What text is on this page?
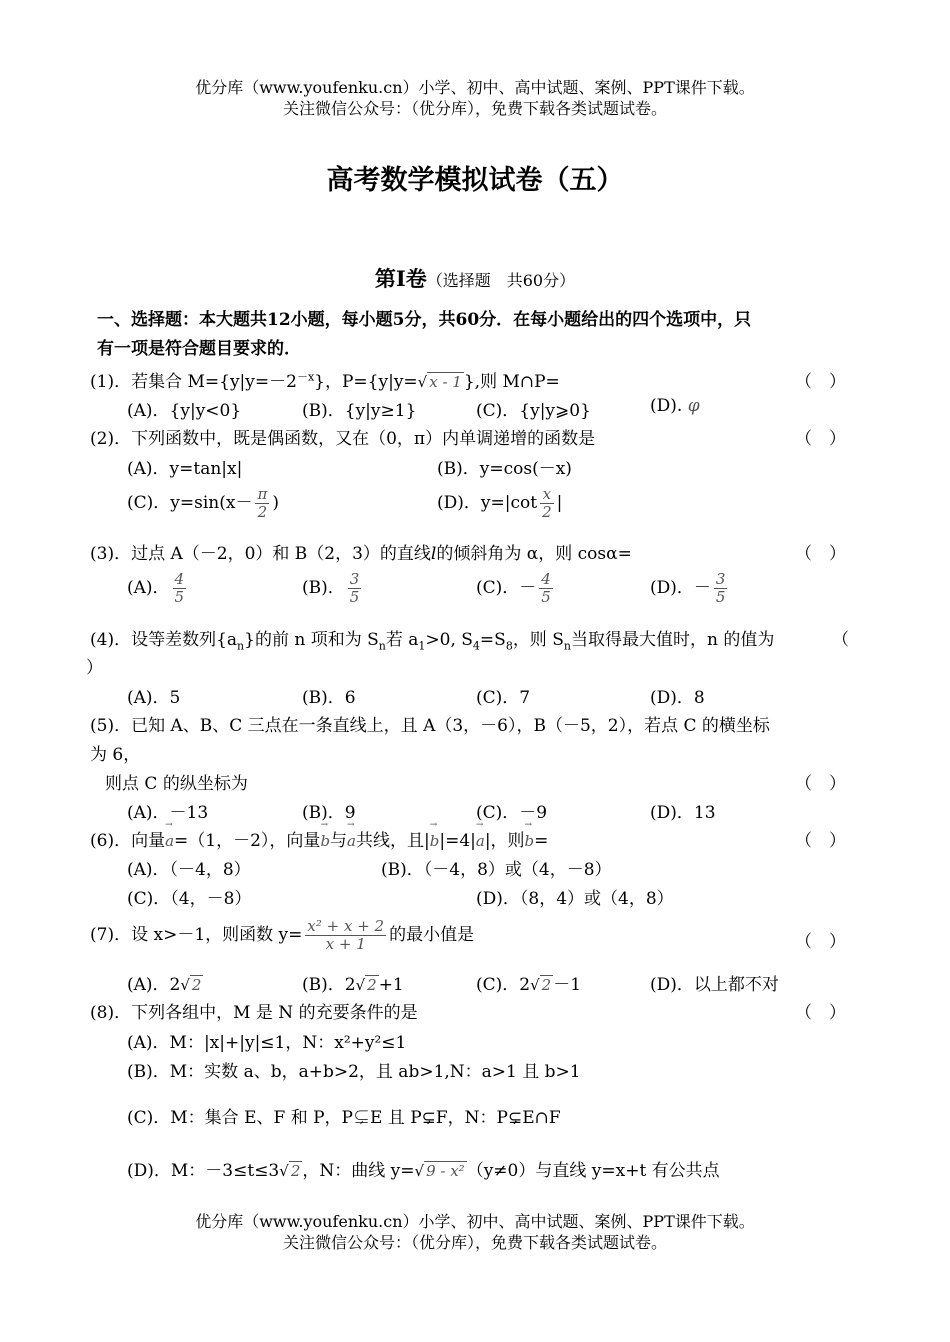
优分库（www.youfenku.cn）小学、初中、高中试题、案例、PPT课件下载。
关注微信公众号：（优分库），免费下载各类试题试卷。
高考数学模拟试卷（五）
第Ⅰ卷（选择题　共60分）
一、选择题：本大题共12小题，每小题5分，共60分．在每小题给出的四个选项中，只
有一项是符合题目要求的．
(1)．若集合 $M=\{y|y=-2^{-x}\}$，P={y|y=√ x - 1 },则 M∩P=	（　）
(A)．{y|y<0}	(B)．{y|y≥1}	(C)．{y|y⩾0}	(D). φ
(2)．下列函数中，既是偶函数，又在（0，π）内单调递增的函数是	（　）
(A)．y=tan|x|	(B)．y=cos(－x)
(C)．$y=\sin(x- \frac{\pi}{2}$ )	(D)．$y=|\cot \frac{x}{2}$ |
(3)．过点 A（－2，0）和 B（2，3）的直线l的倾斜角为 α，则 cosα=	（　）
(A)． $\frac{4}{5}$	(B)． $\frac{3}{5}$	(C)．－ $\frac{4}{5}$	(D)．－ $\frac{3}{5}$
(4)．设等差数列$\{a_n\}$的前 n 项和为 $S_n$若 $a_1>0$, $S_4=S_8$，则 $S_n$当取得最大值时，n 的值为	（
）
(A)．5	(B)．6	(C)．7	(D)．8
(5)．已知 A、B、C 三点在一条直线上，且 A（3，－6），B（－5，2），若点 C 的横坐标
为 6，
则点 C 的纵坐标为	（　）
(A)．－13	(B)．9	(C)．－9	(D)．13
(6)．向量→ a=（1，－2），向量→ b与→ a共线，且|→ b|=4|→ a|，则→ b=	（　）
(A)．（－4，8）	(B)．（－4，8）或（4，－8）
(C)．（4，－8）	(D)．（8，4）或（4，8）
(7)．设 x>－1，则函数 $y= \frac{\text{x² + x + 2}}{x + 1}$ 的最小值是	（　）
(A)．2√ 2	(B)．2√ 2 +1	(C)．2√ 2 －1	(D)．以上都不对
(8)．下列各组中，M 是 N 的充要条件的是	（　）
(A)．M：|x|+|y|≤1，N：x²+y²≤1
(B)．M：实数 a、b，a+b>2，且 ab>1,N：a>1 且 b>1
(C)．M：集合 E、F 和 P，P⊊E 且 P⊊F，N：P⊊E∩F
(D)．M：－3≤t≤3√ 2 ，N：曲线 y=√ 9 - x² （y≠0）与直线 y=x+t 有公共点
优分库（www.youfenku.cn）小学、初中、高中试题、案例、PPT课件下载。
关注微信公众号：（优分库），免费下载各类试题试卷。
